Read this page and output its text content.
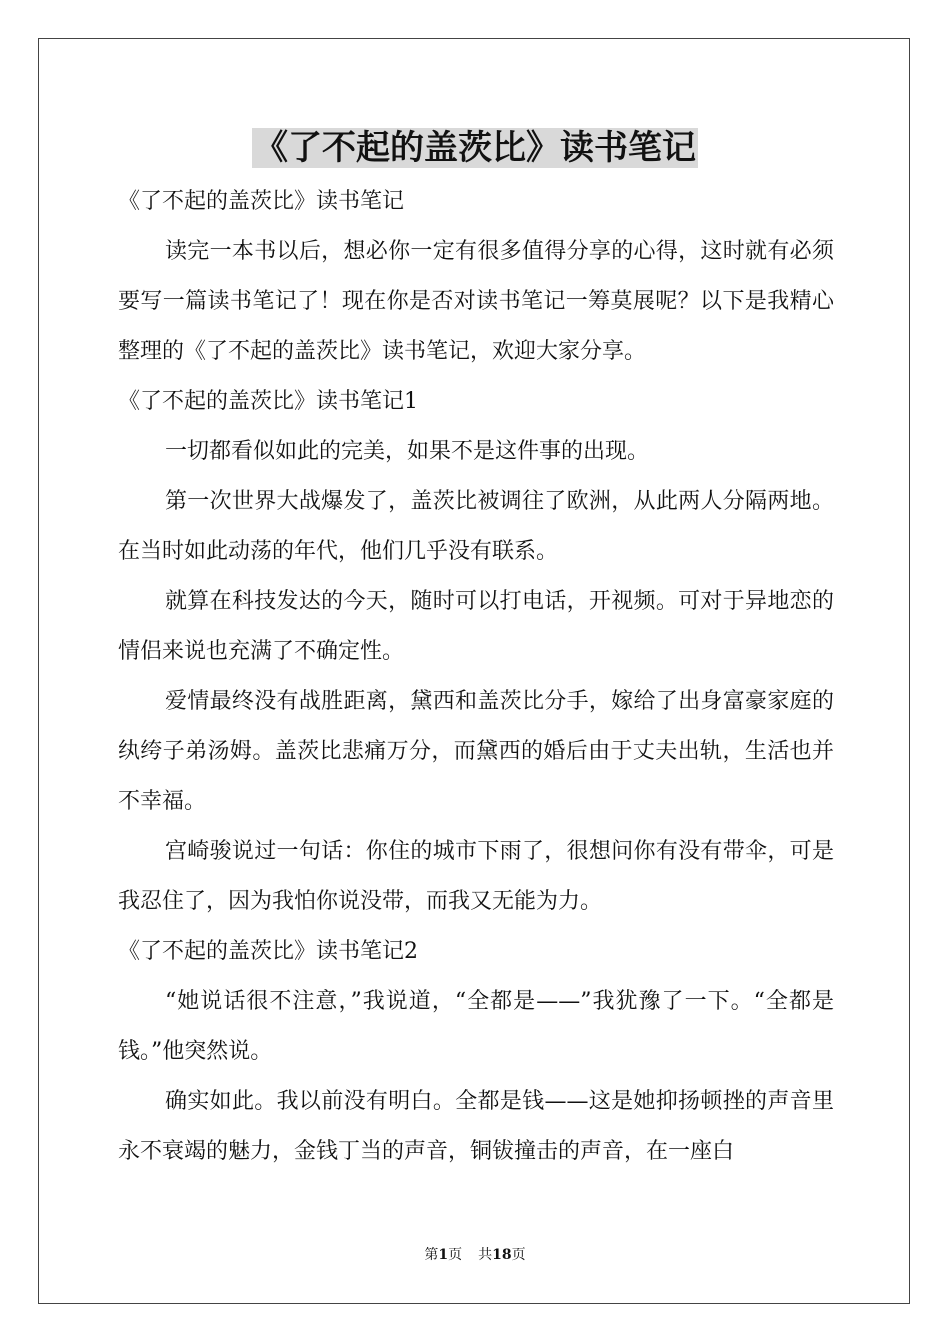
《了不起的盖茨比》读书笔记

《了不起的盖茨比》读书笔记

读完一本书以后，想必你一定有很多值得分享的心得，这时就有必须要写一篇读书笔记了！现在你是否对读书笔记一筹莫展呢？以下是我精心整理的《了不起的盖茨比》读书笔记，欢迎大家分享。

《了不起的盖茨比》读书笔记1

一切都看似如此的完美，如果不是这件事的出现。

第一次世界大战爆发了，盖茨比被调往了欧洲，从此两人分隔两地。在当时如此动荡的年代，他们几乎没有联系。

就算在科技发达的今天，随时可以打电话，开视频。可对于异地恋的情侣来说也充满了不确定性。

爱情最终没有战胜距离，黛西和盖茨比分手，嫁给了出身富豪家庭的纨绔子弟汤姆。盖茨比悲痛万分，而黛西的婚后由于丈夫出轨，生活也并不幸福。

宫崎骏说过一句话：你住的城市下雨了，很想问你有没有带伞，可是我忍住了，因为我怕你说没带，而我又无能为力。

《了不起的盖茨比》读书笔记2

“她说话很不注意，”我说道，“全都是——”我犹豫了一下。“全都是钱。”他突然说。

确实如此。我以前没有明白。全都是钱——这是她抑扬顿挫的声音里永不衰竭的魅力，金钱丁当的声音，铜钹撞击的声音，在一座白

第1页 共18页
